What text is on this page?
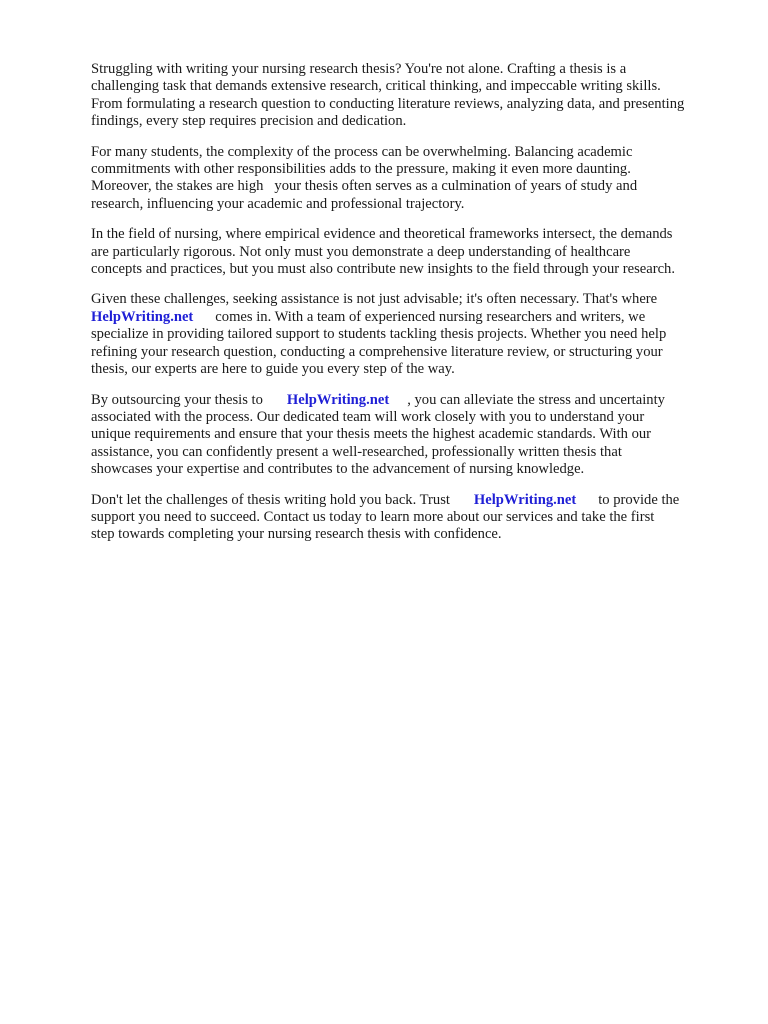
Struggling with writing your nursing research thesis? You're not alone. Crafting a thesis is a
challenging task that demands extensive research, critical thinking, and impeccable writing skills.
From formulating a research question to conducting literature reviews, analyzing data, and presenting
findings, every step requires precision and dedication.

For many students, the complexity of the process can be overwhelming. Balancing academic
commitments with other responsibilities adds to the pressure, making it even more daunting.
Moreover, the stakes are high   your thesis often serves as a culmination of years of study and
research, influencing your academic and professional trajectory.

In the field of nursing, where empirical evidence and theoretical frameworks intersect, the demands
are particularly rigorous. Not only must you demonstrate a deep understanding of healthcare
concepts and practices, but you must also contribute new insights to the field through your research.

Given these challenges, seeking assistance is not just advisable; it's often necessary. That's where
HelpWriting.net comes in. With a team of experienced nursing researchers and writers, we
specialize in providing tailored support to students tackling thesis projects. Whether you need help
refining your research question, conducting a comprehensive literature review, or structuring your
thesis, our experts are here to guide you every step of the way.

By outsourcing your thesis to HelpWriting.net , you can alleviate the stress and uncertainty
associated with the process. Our dedicated team will work closely with you to understand your
unique requirements and ensure that your thesis meets the highest academic standards. With our
assistance, you can confidently present a well-researched, professionally written thesis that
showcases your expertise and contributes to the advancement of nursing knowledge.

Don't let the challenges of thesis writing hold you back. Trust HelpWriting.net to provide the
support you need to succeed. Contact us today to learn more about our services and take the first
step towards completing your nursing research thesis with confidence.
